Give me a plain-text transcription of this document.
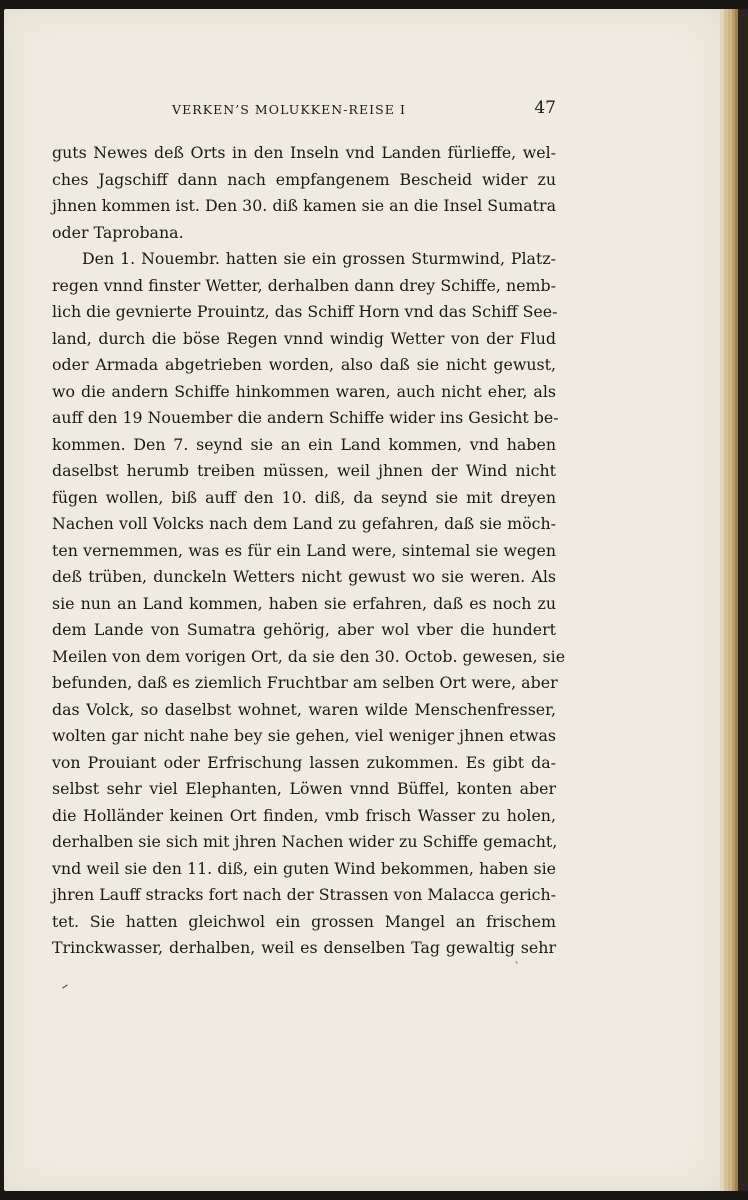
VERKEN’S MOLUKKEN-REISE I	47
guts Newes deß Orts in den Inseln vnd Landen fürlieffe, wel-
ches Jagschiff dann nach empfangenem Bescheid wider zu
jhnen kommen ist. Den 30. diß kamen sie an die Insel Sumatra
oder Taprobana.
Den 1. Nouembr. hatten sie ein grossen Sturmwind, Platz-
regen vnnd finster Wetter, derhalben dann drey Schiffe, nemb-
lich die gevnierte Prouintz, das Schiff Horn vnd das Schiff See-
land, durch die böse Regen vnnd windig Wetter von der Flud
oder Armada abgetrieben worden, also daß sie nicht gewust,
wo die andern Schiffe hinkommen waren, auch nicht eher, als
auff den 19 Nouember die andern Schiffe wider ins Gesicht be-
kommen. Den 7. seynd sie an ein Land kommen, vnd haben
daselbst herumb treiben müssen, weil jhnen der Wind nicht
fügen wollen, biß auff den 10. diß, da seynd sie mit dreyen
Nachen voll Volcks nach dem Land zu gefahren, daß sie möch-
ten vernemmen, was es für ein Land were, sintemal sie wegen
deß trüben, dunckeln Wetters nicht gewust wo sie weren. Als
sie nun an Land kommen, haben sie erfahren, daß es noch zu
dem Lande von Sumatra gehörig, aber wol vber die hundert
Meilen von dem vorigen Ort, da sie den 30. Octob. gewesen, sie
befunden, daß es ziemlich Fruchtbar am selben Ort were, aber
das Volck, so daselbst wohnet, waren wilde Menschenfresser,
wolten gar nicht nahe bey sie gehen, viel weniger jhnen etwas
von Prouiant oder Erfrischung lassen zukommen. Es gibt da-
selbst sehr viel Elephanten, Löwen vnnd Büffel, konten aber
die Holländer keinen Ort finden, vmb frisch Wasser zu holen,
derhalben sie sich mit jhren Nachen wider zu Schiffe gemacht,
vnd weil sie den 11. diß, ein guten Wind bekommen, haben sie
jhren Lauff stracks fort nach der Strassen von Malacca gerich-
tet. Sie hatten gleichwol ein grossen Mangel an frischem
Trinckwasser, derhalben, weil es denselben Tag gewaltig sehr
